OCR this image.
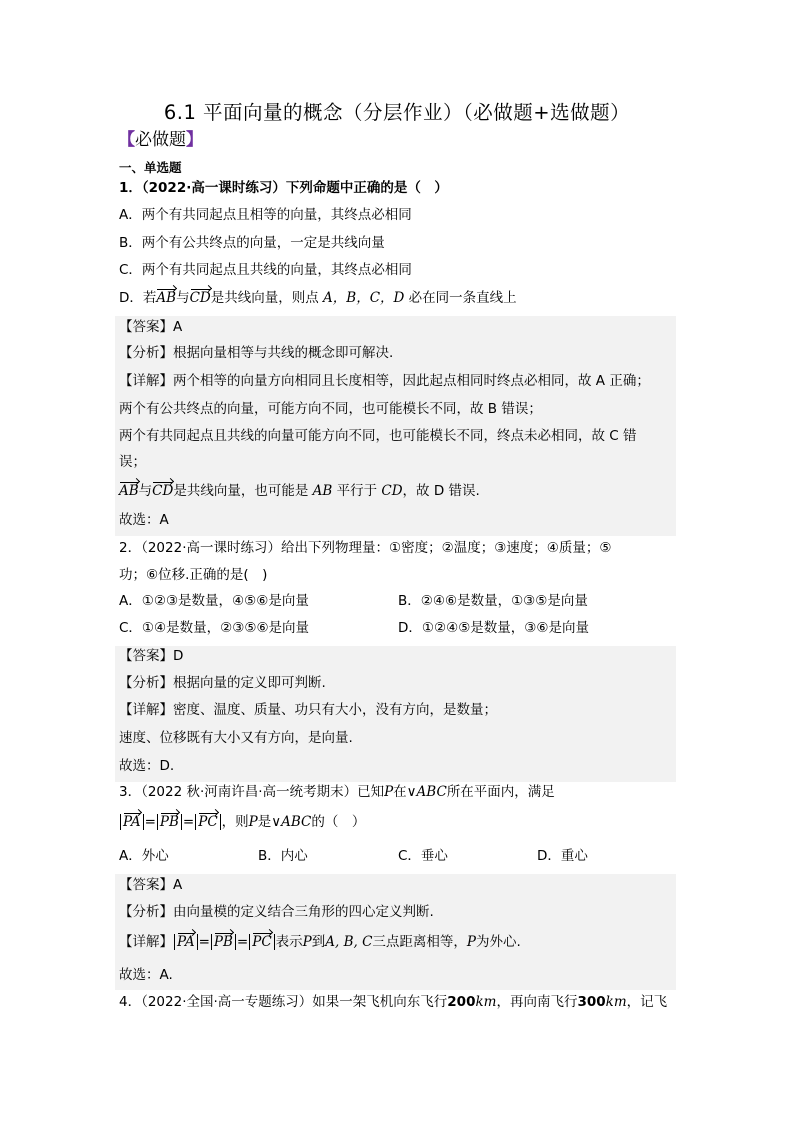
6.1 平面向量的概念（分层作业）（必做题+选做题）
【必做题】
一、单选题
1．（2022·高一课时练习）下列命题中正确的是（　）
A．两个有共同起点且相等的向量，其终点必相同
B．两个有公共终点的向量，一定是共线向量
C．两个有共同起点且共线的向量，其终点必相同
D．若AB与CD是共线向量，则点 A，B，C，D 必在同一条直线上
【答案】A
【分析】根据向量相等与共线的概念即可解决.
【详解】两个相等的向量方向相同且长度相等，因此起点相同时终点必相同，故 A 正确；
两个有公共终点的向量，可能方向不同，也可能模长不同，故 B 错误；
两个有共同起点且共线的向量可能方向不同，也可能模长不同，终点未必相同，故 C 错
误；
AB与CD是共线向量，也可能是 AB 平行于 CD，故 D 错误.
故选：A
2．（2022·高一课时练习）给出下列物理量：①密度；②温度；③速度；④质量；⑤
功；⑥位移.正确的是(　)
A．①②③是数量，④⑤⑥是向量	B．②④⑥是数量，①③⑤是向量
C．①④是数量，②③⑤⑥是向量	D．①②④⑤是数量，③⑥是向量
【答案】D
【分析】根据向量的定义即可判断.
【详解】密度、温度、质量、功只有大小，没有方向，是数量；
速度、位移既有大小又有方向，是向量.
故选：D.
3．（2022 秋·河南许昌·高一统考期末）已知P在∨ABC所在平面内，满足
PA = PB = PC ，则P是∨ABC的（　）
A．外心	B．内心	C．垂心	D．重心
【答案】A
【分析】由向量模的定义结合三角形的四心定义判断.
【详解】 PA = PB = PC 表示P到A, B, C三点距离相等，P为外心.
故选：A.
4．（2022·全国·高一专题练习）如果一架飞机向东飞行200km，再向南飞行300km，记飞
